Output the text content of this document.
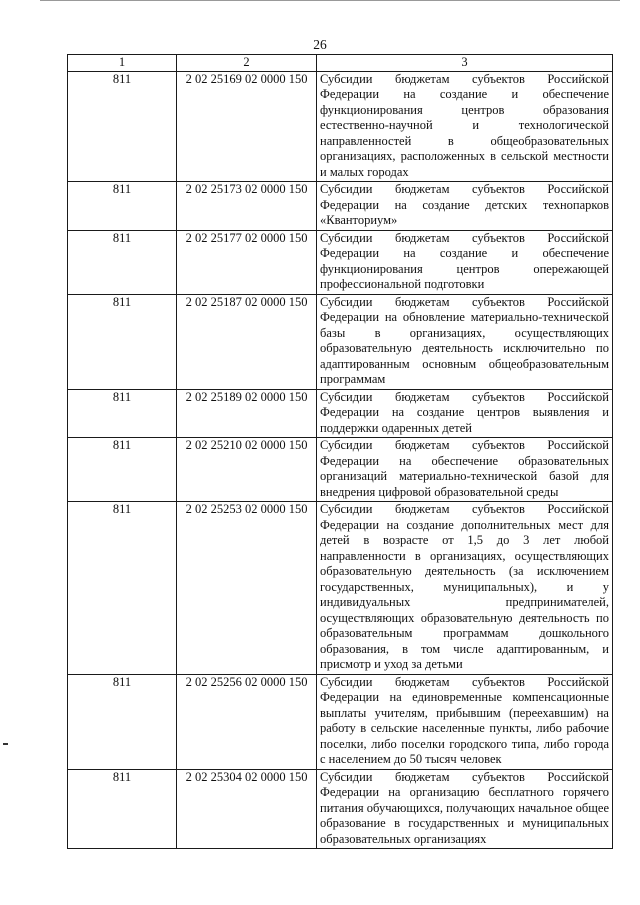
26
1	2	3
811	2 02 25169 02 0000 150	Субсидии бюджетам субъектов Российской Федерации на создание и обеспечение функционирования центров образования естественно-научной и технологической направленностей в общеобразовательных организациях, расположенных в сельской местности и малых городах
811	2 02 25173 02 0000 150	Субсидии бюджетам субъектов Российской Федерации на создание детских технопарков «Кванториум»
811	2 02 25177 02 0000 150	Субсидии бюджетам субъектов Российской Федерации на создание и обеспечение функционирования центров опережающей профессиональной подготовки
811	2 02 25187 02 0000 150	Субсидии бюджетам субъектов Российской Федерации на обновление материально-технической базы в организациях, осуществляющих образовательную деятельность исключительно по адаптированным основным общеобразовательным программам
811	2 02 25189 02 0000 150	Субсидии бюджетам субъектов Российской Федерации на создание центров выявления и поддержки одаренных детей
811	2 02 25210 02 0000 150	Субсидии бюджетам субъектов Российской Федерации на обеспечение образовательных организаций материально-технической базой для внедрения цифровой образовательной среды
811	2 02 25253 02 0000 150	Субсидии бюджетам субъектов Российской Федерации на создание дополнительных мест для детей в возрасте от 1,5 до 3 лет любой направленности в организациях, осуществляющих образовательную деятельность (за исключением государственных, муниципальных), и у индивидуальных предпринимателей, осуществляющих образовательную деятельность по образовательным программам дошкольного образования, в том числе адаптированным, и присмотр и уход за детьми
811	2 02 25256 02 0000 150	Субсидии бюджетам субъектов Российской Федерации на единовременные компенсационные выплаты учителям, прибывшим (переехавшим) на работу в сельские населенные пункты, либо рабочие поселки, либо поселки городского типа, либо города с населением до 50 тысяч человек
811	2 02 25304 02 0000 150	Субсидии бюджетам субъектов Российской Федерации на организацию бесплатного горячего питания обучающихся, получающих начальное общее образование в государственных и муниципальных образовательных организациях
